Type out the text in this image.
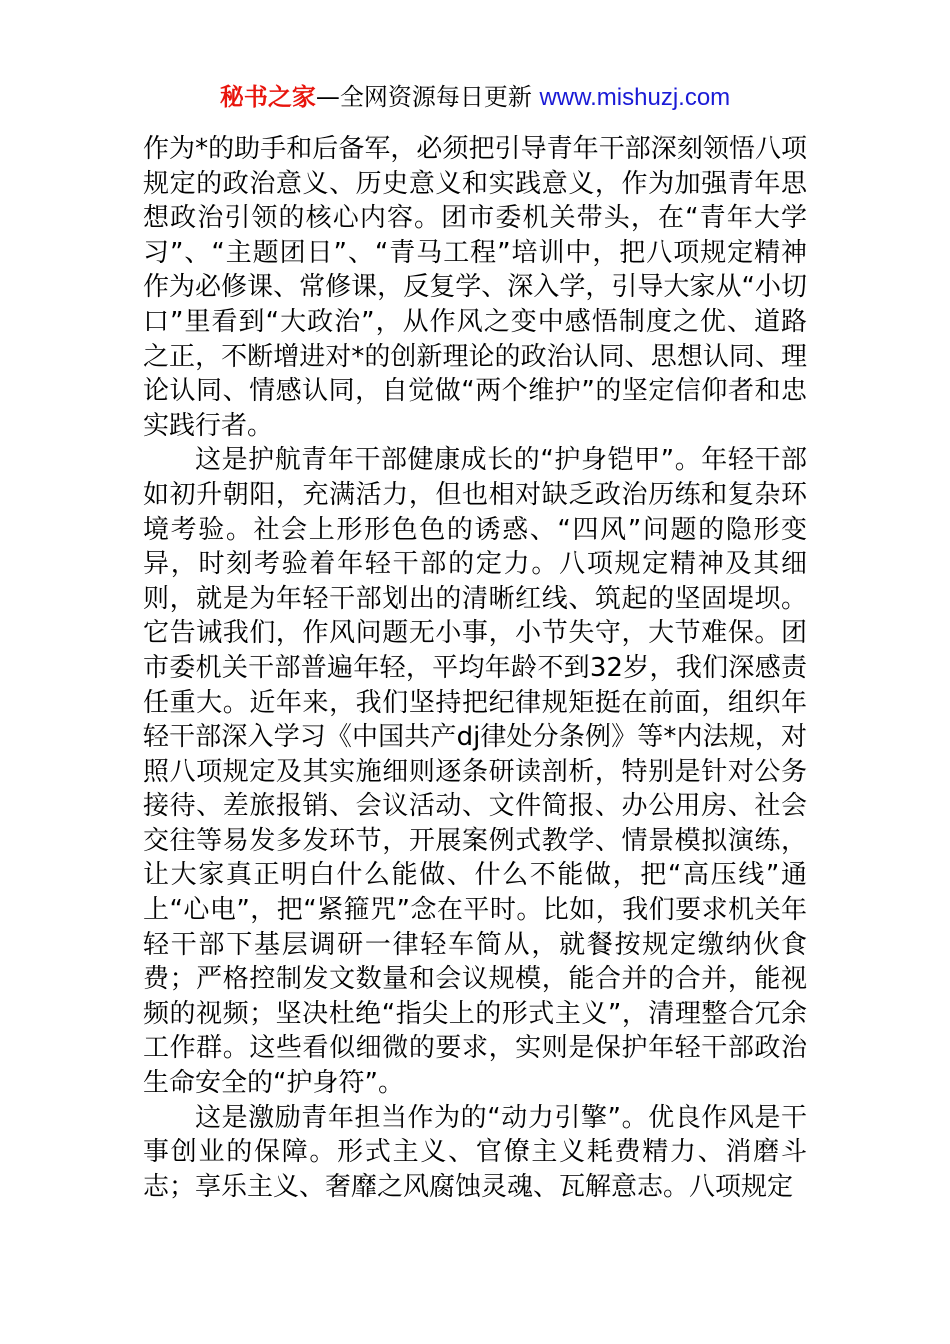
秘书之家—全网资源每日更新 www.mishuzj.com

作为*的助手和后备军，必须把引导青年干部深刻领悟八项规定的政治意义、历史意义和实践意义，作为加强青年思想政治引领的核心内容。团市委机关带头，在“青年大学习”、“主题团日”、“青马工程”培训中，把八项规定精神作为必修课、常修课，反复学、深入学，引导大家从“小切口”里看到“大政治”，从作风之变中感悟制度之优、道路之正，不断增进对*的创新理论的政治认同、思想认同、理论认同、情感认同，自觉做“两个维护”的坚定信仰者和忠实践行者。

这是护航青年干部健康成长的“护身铠甲”。年轻干部如初升朝阳，充满活力，但也相对缺乏政治历练和复杂环境考验。社会上形形色色的诱惑、“四风”问题的隐形变异，时刻考验着年轻干部的定力。八项规定精神及其细则，就是为年轻干部划出的清晰红线、筑起的坚固堤坝。它告诫我们，作风问题无小事，小节失守，大节难保。团市委机关干部普遍年轻，平均年龄不到32岁，我们深感责任重大。近年来，我们坚持把纪律规矩挺在前面，组织年轻干部深入学习《中国共产dj律处分条例》等*内法规，对照八项规定及其实施细则逐条研读剖析，特别是针对公务接待、差旅报销、会议活动、文件简报、办公用房、社会交往等易发多发环节，开展案例式教学、情景模拟演练，让大家真正明白什么能做、什么不能做，把“高压线”通上“心电”，把“紧箍咒”念在平时。比如，我们要求机关年轻干部下基层调研一律轻车简从，就餐按规定缴纳伙食费；严格控制发文数量和会议规模，能合并的合并，能视频的视频；坚决杜绝“指尖上的形式主义”，清理整合冗余工作群。这些看似细微的要求，实则是保护年轻干部政治生命安全的“护身符”。

这是激励青年担当作为的“动力引擎”。优良作风是干事创业的保障。形式主义、官僚主义耗费精力、消磨斗志；享乐主义、奢靡之风腐蚀灵魂、瓦解意志。八项规定
